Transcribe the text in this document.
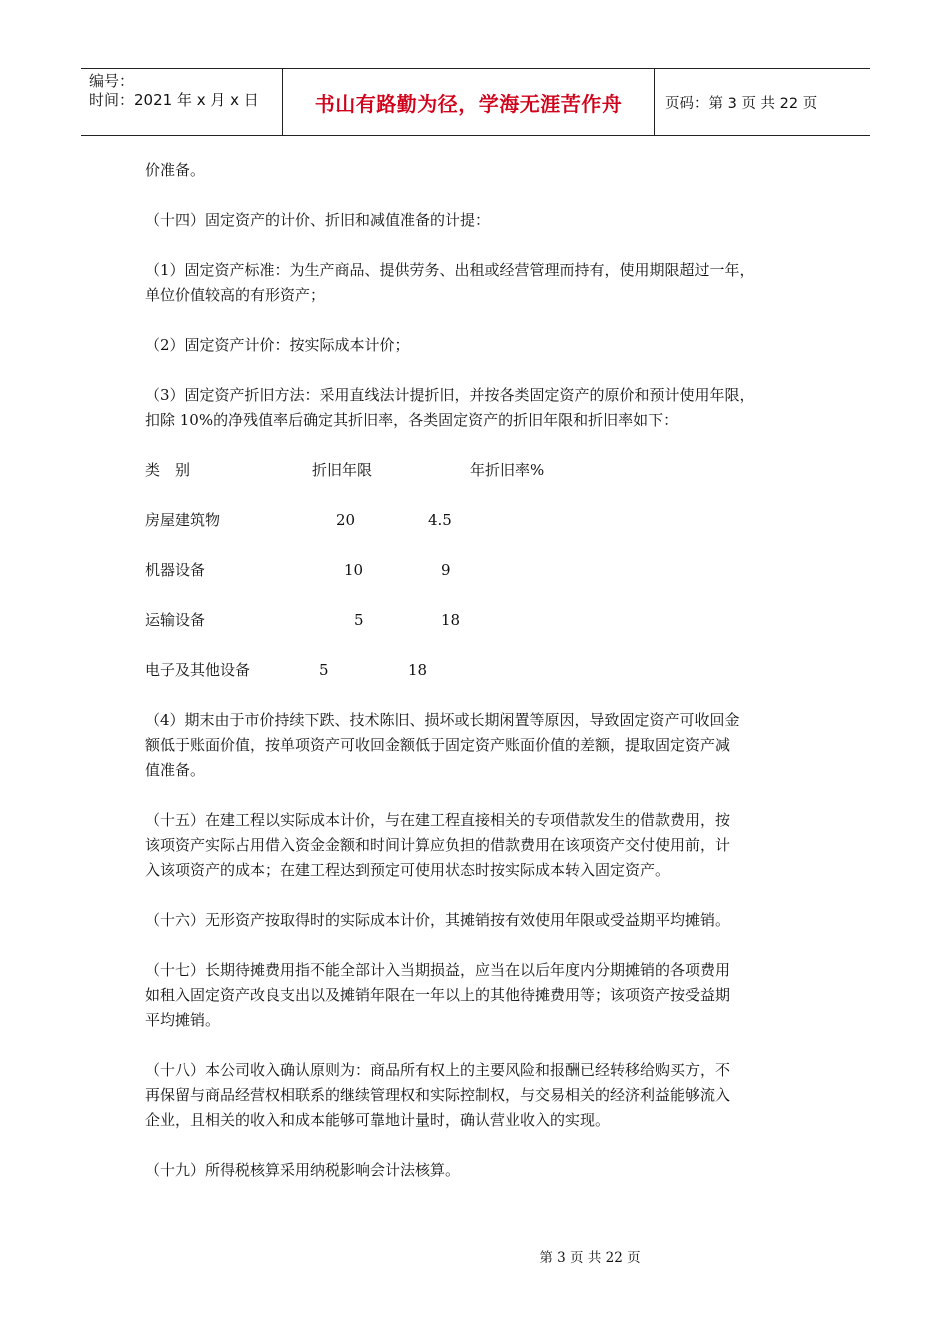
编号：
时间：2021 年 x 月 x 日	书山有路勤为径，学海无涯苦作舟	页码：第 3 页 共 22 页

价准备。

（十四）固定资产的计价、折旧和减值准备的计提：

（1）固定资产标准：为生产商品、提供劳务、出租或经营管理而持有，使用期限超过一年，

单位价值较高的有形资产；

（2）固定资产计价：按实际成本计价；

（3）固定资产折旧方法：采用直线法计提折旧，并按各类固定资产的原价和预计使用年限，

扣除 10%的净残值率后确定其折旧率，各类固定资产的折旧年限和折旧率如下：

类　别	折旧年限	年折旧率%
房屋建筑物	20	4.5
机器设备	10	9
运输设备	5	18
电子及其他设备	5	18

（4）期末由于市价持续下跌、技术陈旧、损坏或长期闲置等原因，导致固定资产可收回金

额低于账面价值，按单项资产可收回金额低于固定资产账面价值的差额，提取固定资产减

值准备。

（十五）在建工程以实际成本计价，与在建工程直接相关的专项借款发生的借款费用，按

该项资产实际占用借入资金金额和时间计算应负担的借款费用在该项资产交付使用前，计

入该项资产的成本；在建工程达到预定可使用状态时按实际成本转入固定资产。

（十六）无形资产按取得时的实际成本计价，其摊销按有效使用年限或受益期平均摊销。

（十七）长期待摊费用指不能全部计入当期损益，应当在以后年度内分期摊销的各项费用

如租入固定资产改良支出以及摊销年限在一年以上的其他待摊费用等；该项资产按受益期

平均摊销。

（十八）本公司收入确认原则为：商品所有权上的主要风险和报酬已经转移给购买方，不

再保留与商品经营权相联系的继续管理权和实际控制权，与交易相关的经济利益能够流入

企业，且相关的收入和成本能够可靠地计量时，确认营业收入的实现。

（十九）所得税核算采用纳税影响会计法核算。

第 3 页 共 22 页
